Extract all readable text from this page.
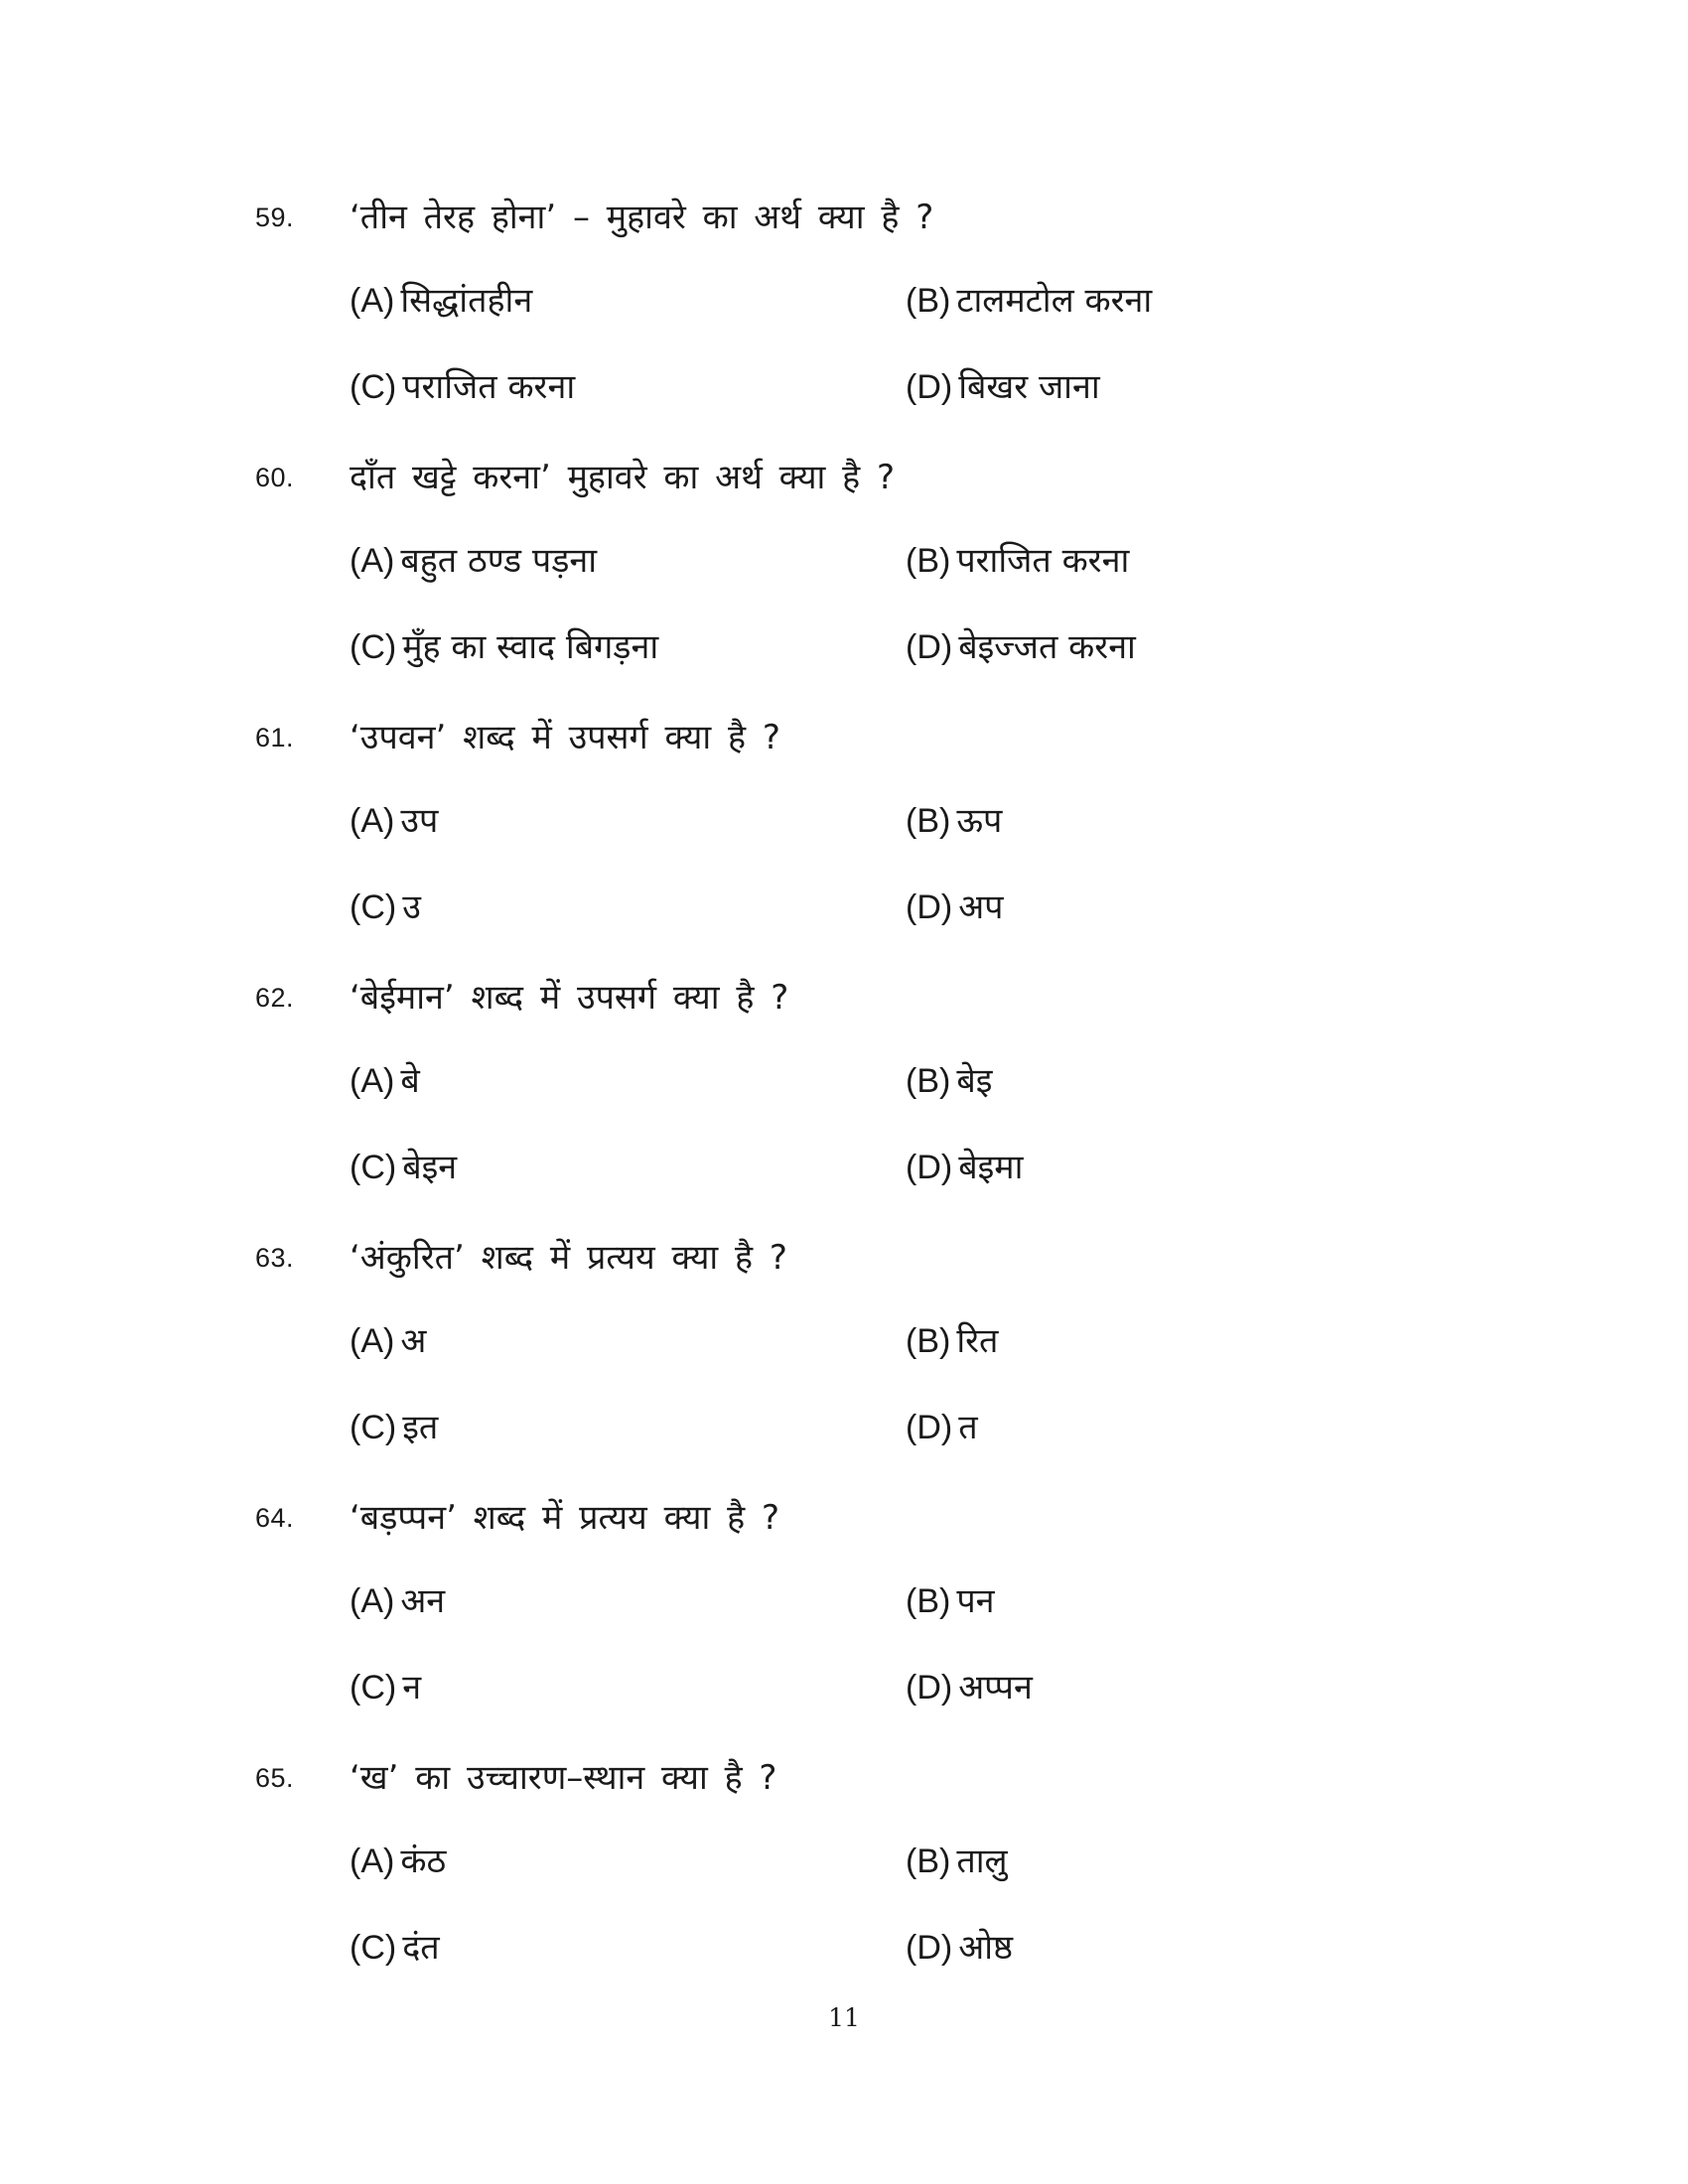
59. ‘तीन तेरह होना’ – मुहावरे का अर्थ क्या है ?
(A) सिद्धांतहीन	(B) टालमटोल करना
(C) पराजित करना	(D) बिखर जाना
60. दाँत खट्टे करना’ मुहावरे का अर्थ क्या है ?
(A) बहुत ठण्ड पड़ना	(B) पराजित करना
(C) मुँह का स्वाद बिगड़ना	(D) बेइज्जत करना
61. ‘उपवन’ शब्द में उपसर्ग क्या है ?
(A) उप	(B) ऊप
(C) उ	(D) अप
62. ‘बेईमान’ शब्द में उपसर्ग क्या है ?
(A) बे	(B) बेइ
(C) बेइन	(D) बेइमा
63. ‘अंकुरित’ शब्द में प्रत्यय क्या है ?
(A) अ	(B) रित
(C) इत	(D) त
64. ‘बड़प्पन’ शब्द में प्रत्यय क्या है ?
(A) अन	(B) पन
(C) न	(D) अप्पन
65. ‘ख’ का उच्चारण–स्थान क्या है ?
(A) कंठ	(B) तालु
(C) दंत	(D) ओष्ठ
11
